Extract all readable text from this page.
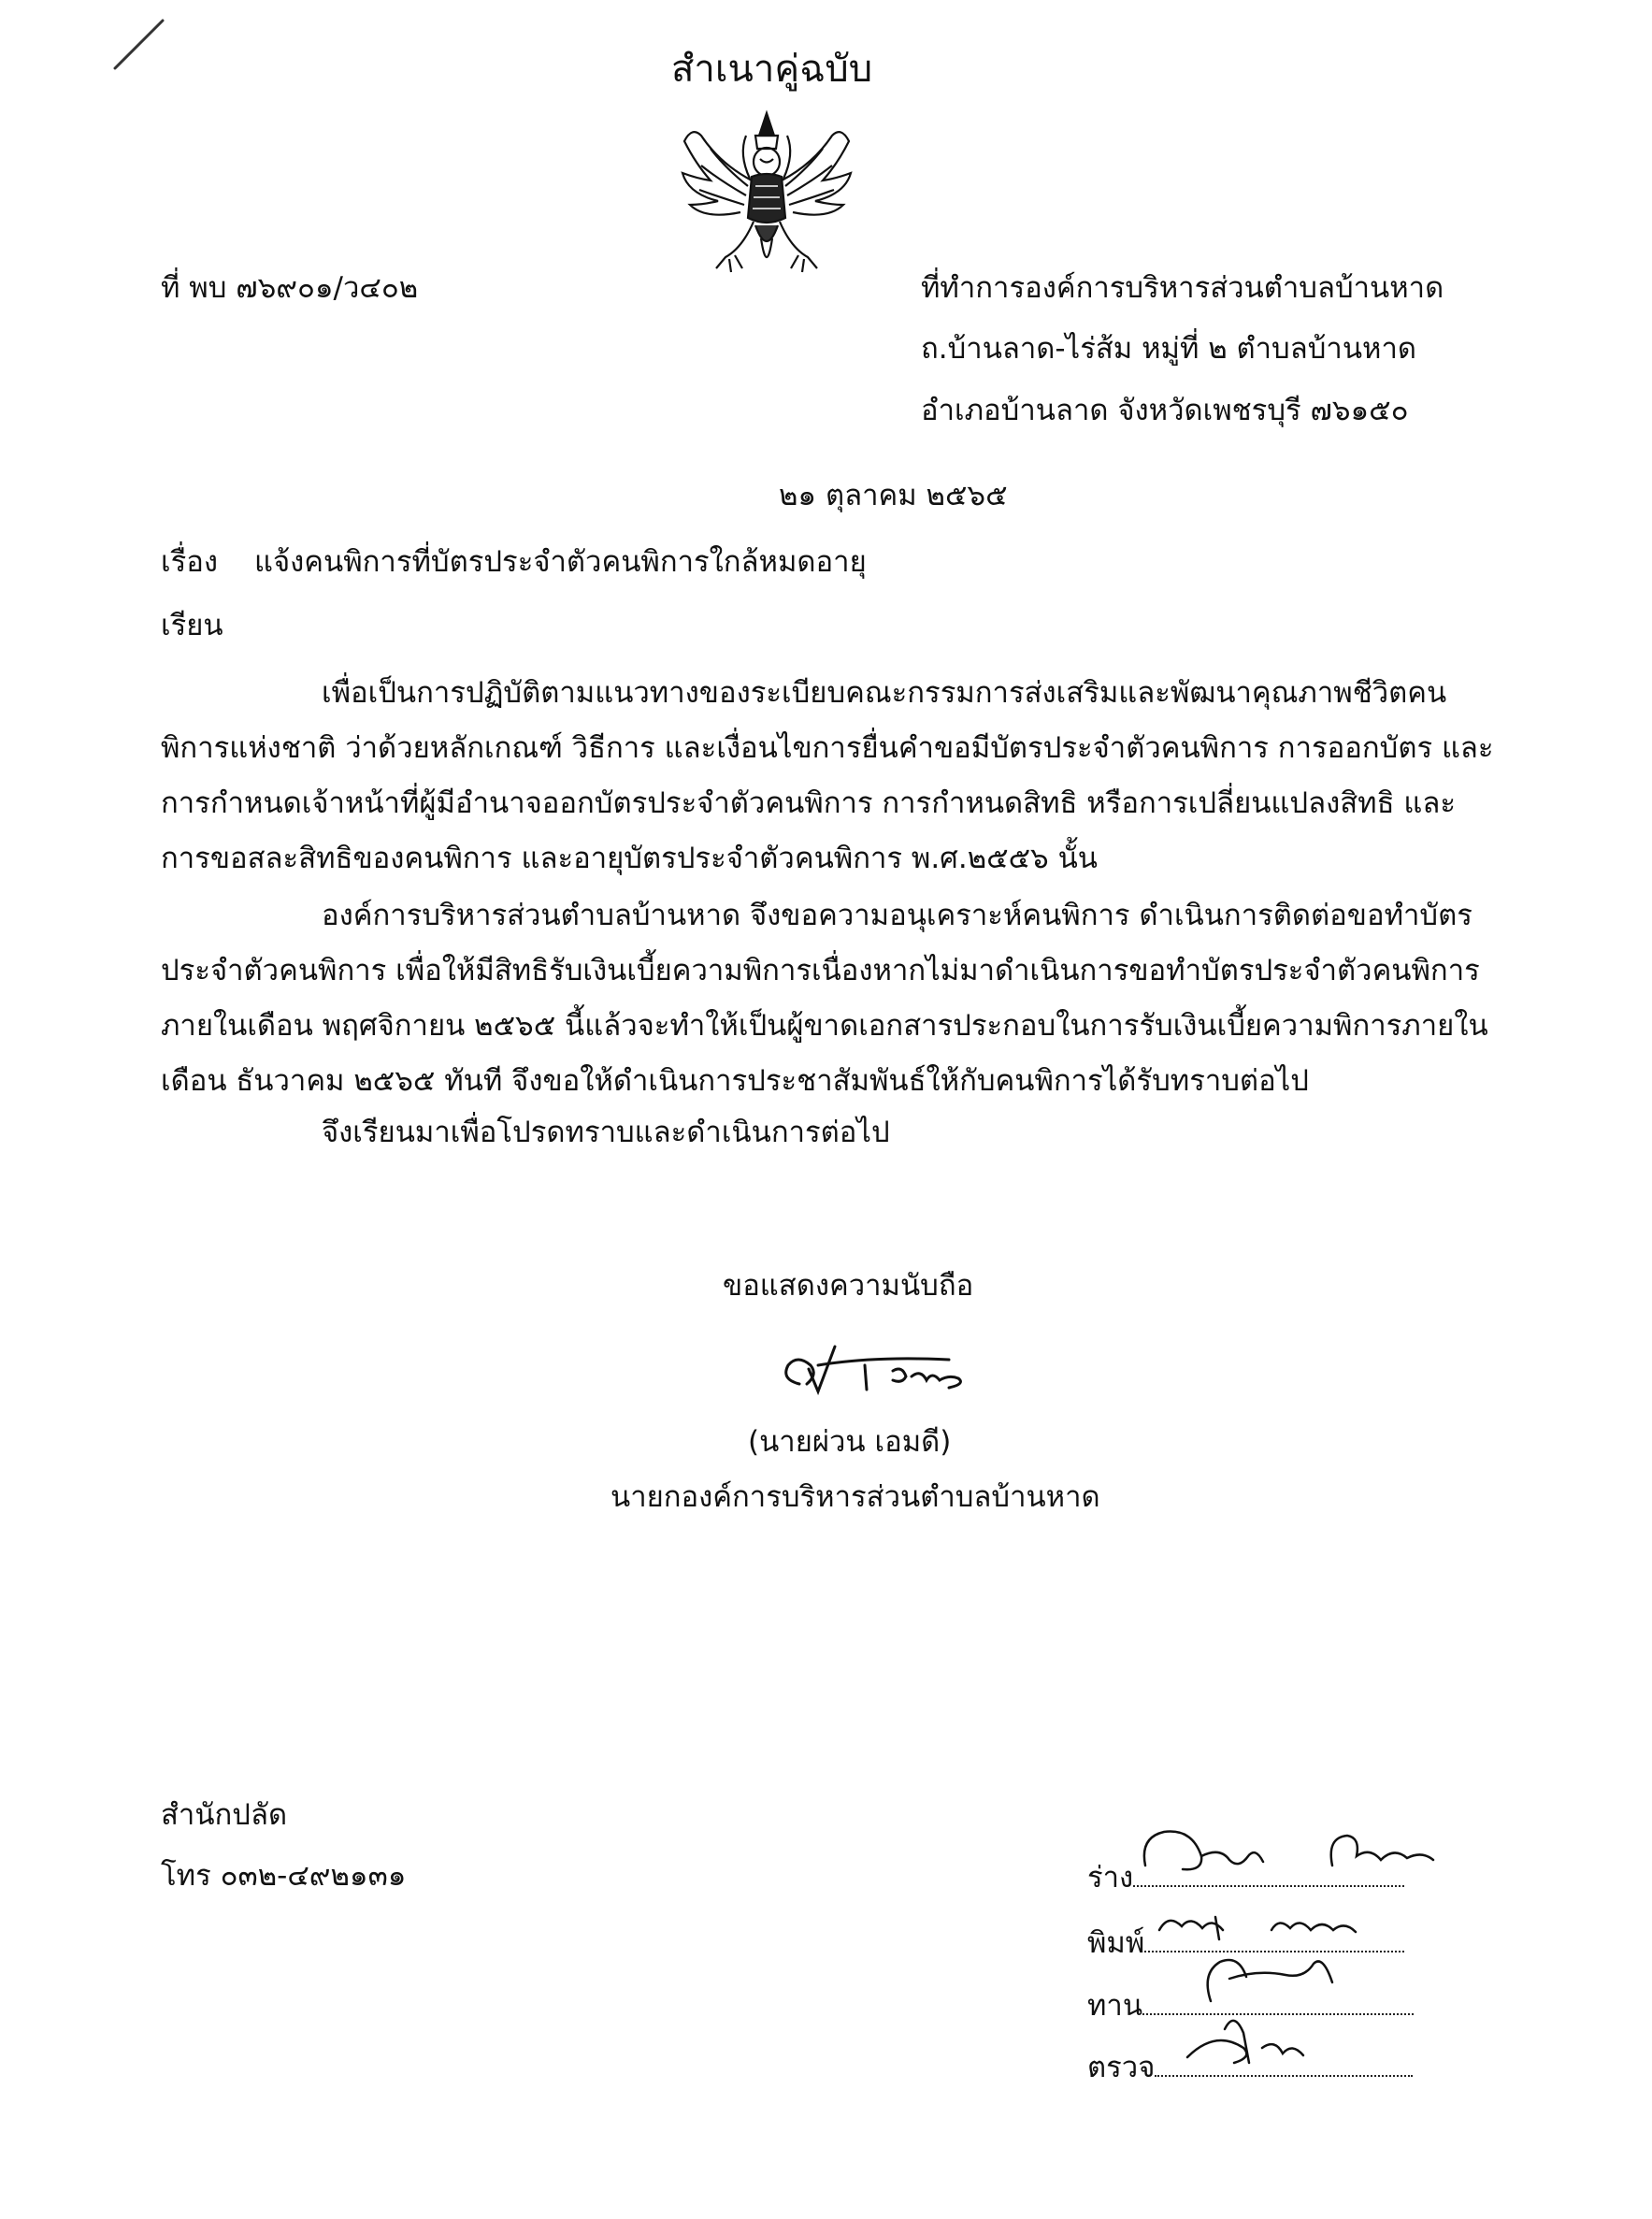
สำเนาคู่ฉบับ
ที่ พบ ๗๖๙๐๑/ว๔๐๒	ที่ทำการองค์การบริหารส่วนตำบลบ้านหาด
ถ.บ้านลาด-ไร่ส้ม หมู่ที่ ๒ ตำบลบ้านหาด
อำเภอบ้านลาด จังหวัดเพชรบุรี ๗๖๑๕๐
๒๑ ตุลาคม ๒๕๖๕
เรื่อง แจ้งคนพิการที่บัตรประจำตัวคนพิการใกล้หมดอายุ
เรียน
เพื่อเป็นการปฏิบัติตามแนวทางของระเบียบคณะกรรมการส่งเสริมและพัฒนาคุณภาพชีวิตคน
พิการแห่งชาติ ว่าด้วยหลักเกณฑ์ วิธีการ และเงื่อนไขการยื่นคำขอมีบัตรประจำตัวคนพิการ การออกบัตร และ
การกำหนดเจ้าหน้าที่ผู้มีอำนาจออกบัตรประจำตัวคนพิการ การกำหนดสิทธิ หรือการเปลี่ยนแปลงสิทธิ และ
การขอสละสิทธิของคนพิการ และอายุบัตรประจำตัวคนพิการ พ.ศ.๒๕๕๖ นั้น
องค์การบริหารส่วนตำบลบ้านหาด จึงขอความอนุเคราะห์คนพิการ ดำเนินการติดต่อขอทำบัตร
ประจำตัวคนพิการ เพื่อให้มีสิทธิรับเงินเบี้ยความพิการเนื่องหากไม่มาดำเนินการขอทำบัตรประจำตัวคนพิการ
ภายในเดือน พฤศจิกายน ๒๕๖๕ นี้แล้วจะทำให้เป็นผู้ขาดเอกสารประกอบในการรับเงินเบี้ยความพิการภายใน
เดือน ธันวาคม ๒๕๖๕ ทันที จึงขอให้ดำเนินการประชาสัมพันธ์ให้กับคนพิการได้รับทราบต่อไป
จึงเรียนมาเพื่อโปรดทราบและดำเนินการต่อไป
ขอแสดงความนับถือ
(นายผ่วน เอมดี)
นายกองค์การบริหารส่วนตำบลบ้านหาด
สำนักปลัด
โทร ๐๓๒-๔๙๒๑๓๑	ร่าง
พิมพ์
ทาน
ตรวจ
